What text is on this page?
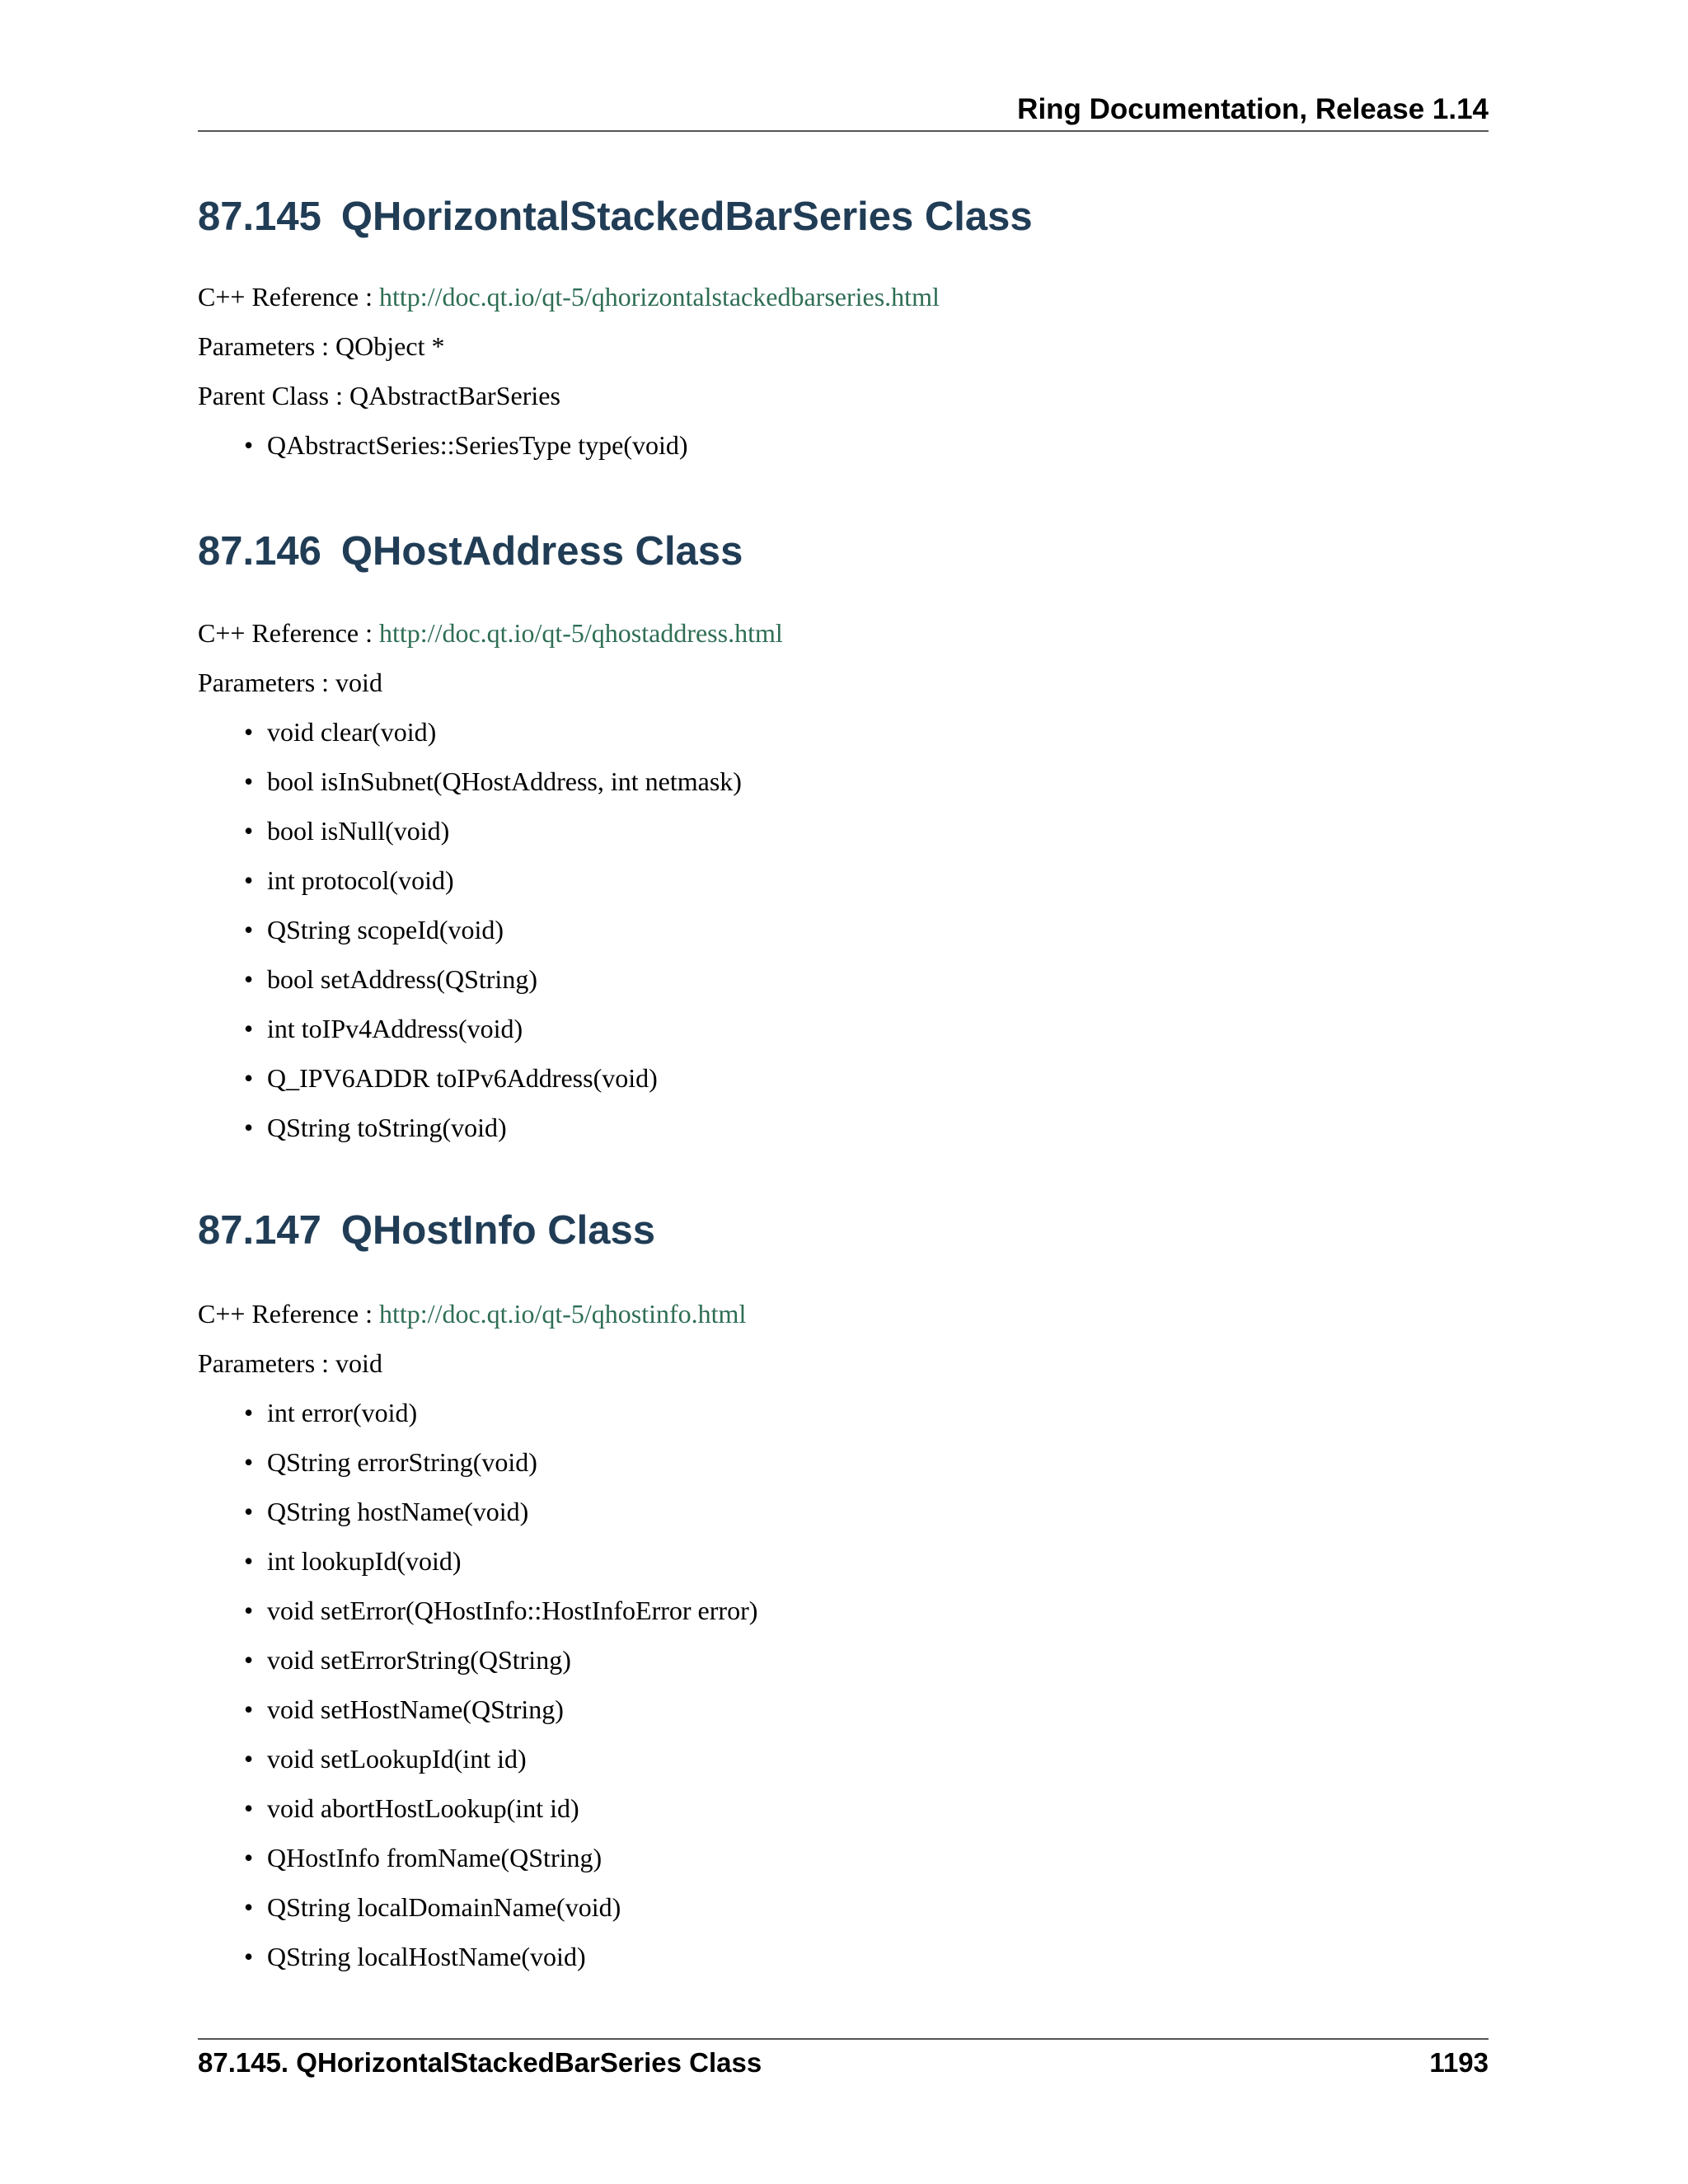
Ring Documentation, Release 1.14
87.145 QHorizontalStackedBarSeries Class
C++ Reference : http://doc.qt.io/qt-5/qhorizontalstackedbarseries.html
Parameters : QObject *
Parent Class : QAbstractBarSeries
• QAbstractSeries::SeriesType type(void)
87.146 QHostAddress Class
C++ Reference : http://doc.qt.io/qt-5/qhostaddress.html
Parameters : void
• void clear(void)
• bool isInSubnet(QHostAddress, int netmask)
• bool isNull(void)
• int protocol(void)
• QString scopeId(void)
• bool setAddress(QString)
• int toIPv4Address(void)
• Q_IPV6ADDR toIPv6Address(void)
• QString toString(void)
87.147 QHostInfo Class
C++ Reference : http://doc.qt.io/qt-5/qhostinfo.html
Parameters : void
• int error(void)
• QString errorString(void)
• QString hostName(void)
• int lookupId(void)
• void setError(QHostInfo::HostInfoError error)
• void setErrorString(QString)
• void setHostName(QString)
• void setLookupId(int id)
• void abortHostLookup(int id)
• QHostInfo fromName(QString)
• QString localDomainName(void)
• QString localHostName(void)
87.145. QHorizontalStackedBarSeries Class	1193
